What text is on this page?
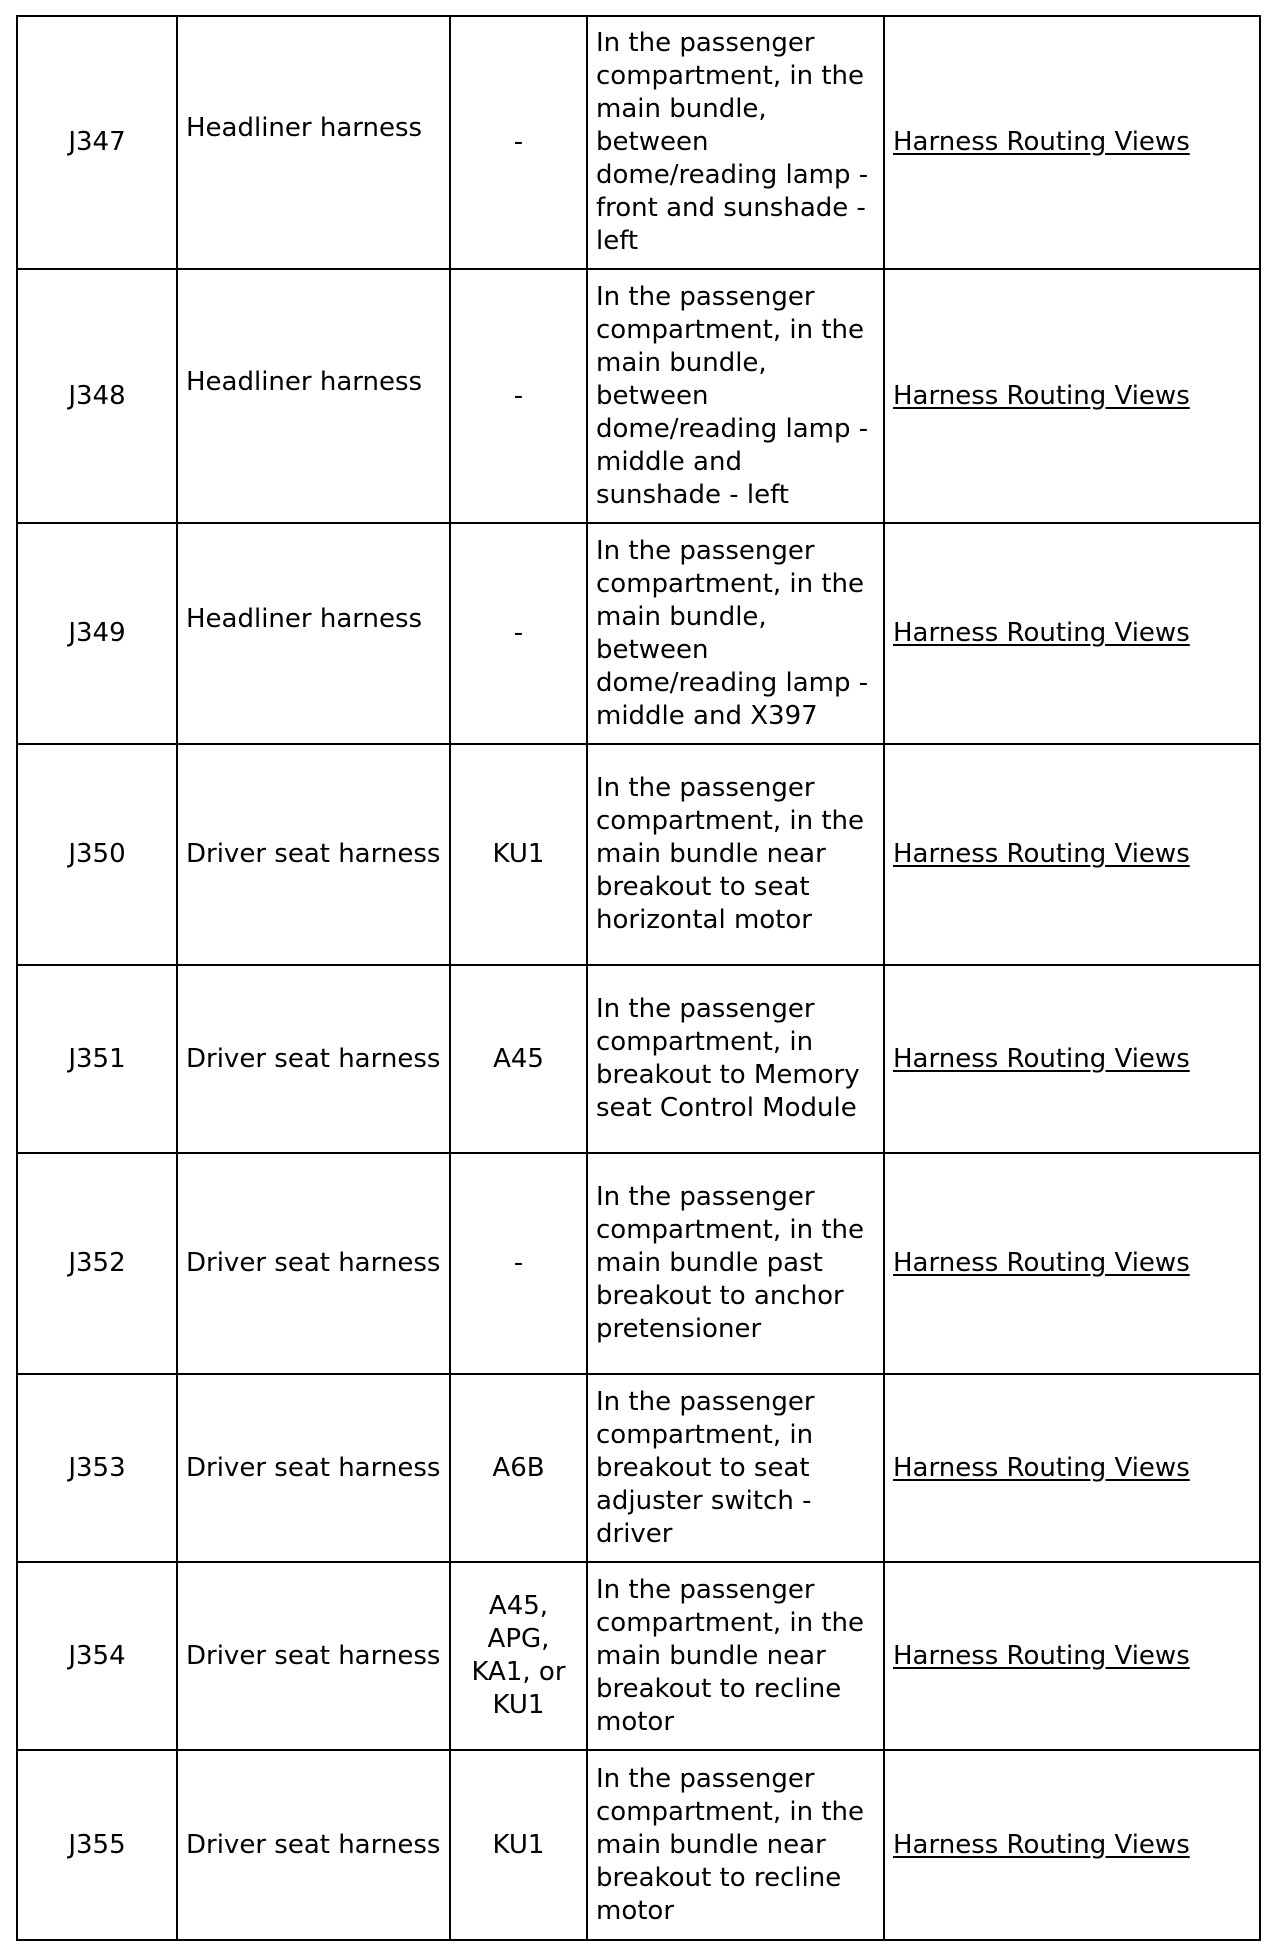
J347	Headliner harness	-	In the passenger compartment, in the main bundle, between dome/reading lamp - front and sunshade - left	Harness Routing Views
J348	Headliner harness	-	In the passenger compartment, in the main bundle, between dome/reading lamp - middle and sunshade - left	Harness Routing Views
J349	Headliner harness	-	In the passenger compartment, in the main bundle, between dome/reading lamp - middle and X397	Harness Routing Views
J350	Driver seat harness	KU1	In the passenger compartment, in the main bundle near breakout to seat horizontal motor	Harness Routing Views
J351	Driver seat harness	A45	In the passenger compartment, in breakout to Memory seat Control Module	Harness Routing Views
J352	Driver seat harness	-	In the passenger compartment, in the main bundle past breakout to anchor pretensioner	Harness Routing Views
J353	Driver seat harness	A6B	In the passenger compartment, in breakout to seat adjuster switch - driver	Harness Routing Views
J354	Driver seat harness	A45, APG, KA1, or KU1	In the passenger compartment, in the main bundle near breakout to recline motor	Harness Routing Views
J355	Driver seat harness	KU1	In the passenger compartment, in the main bundle near breakout to recline motor	Harness Routing Views
